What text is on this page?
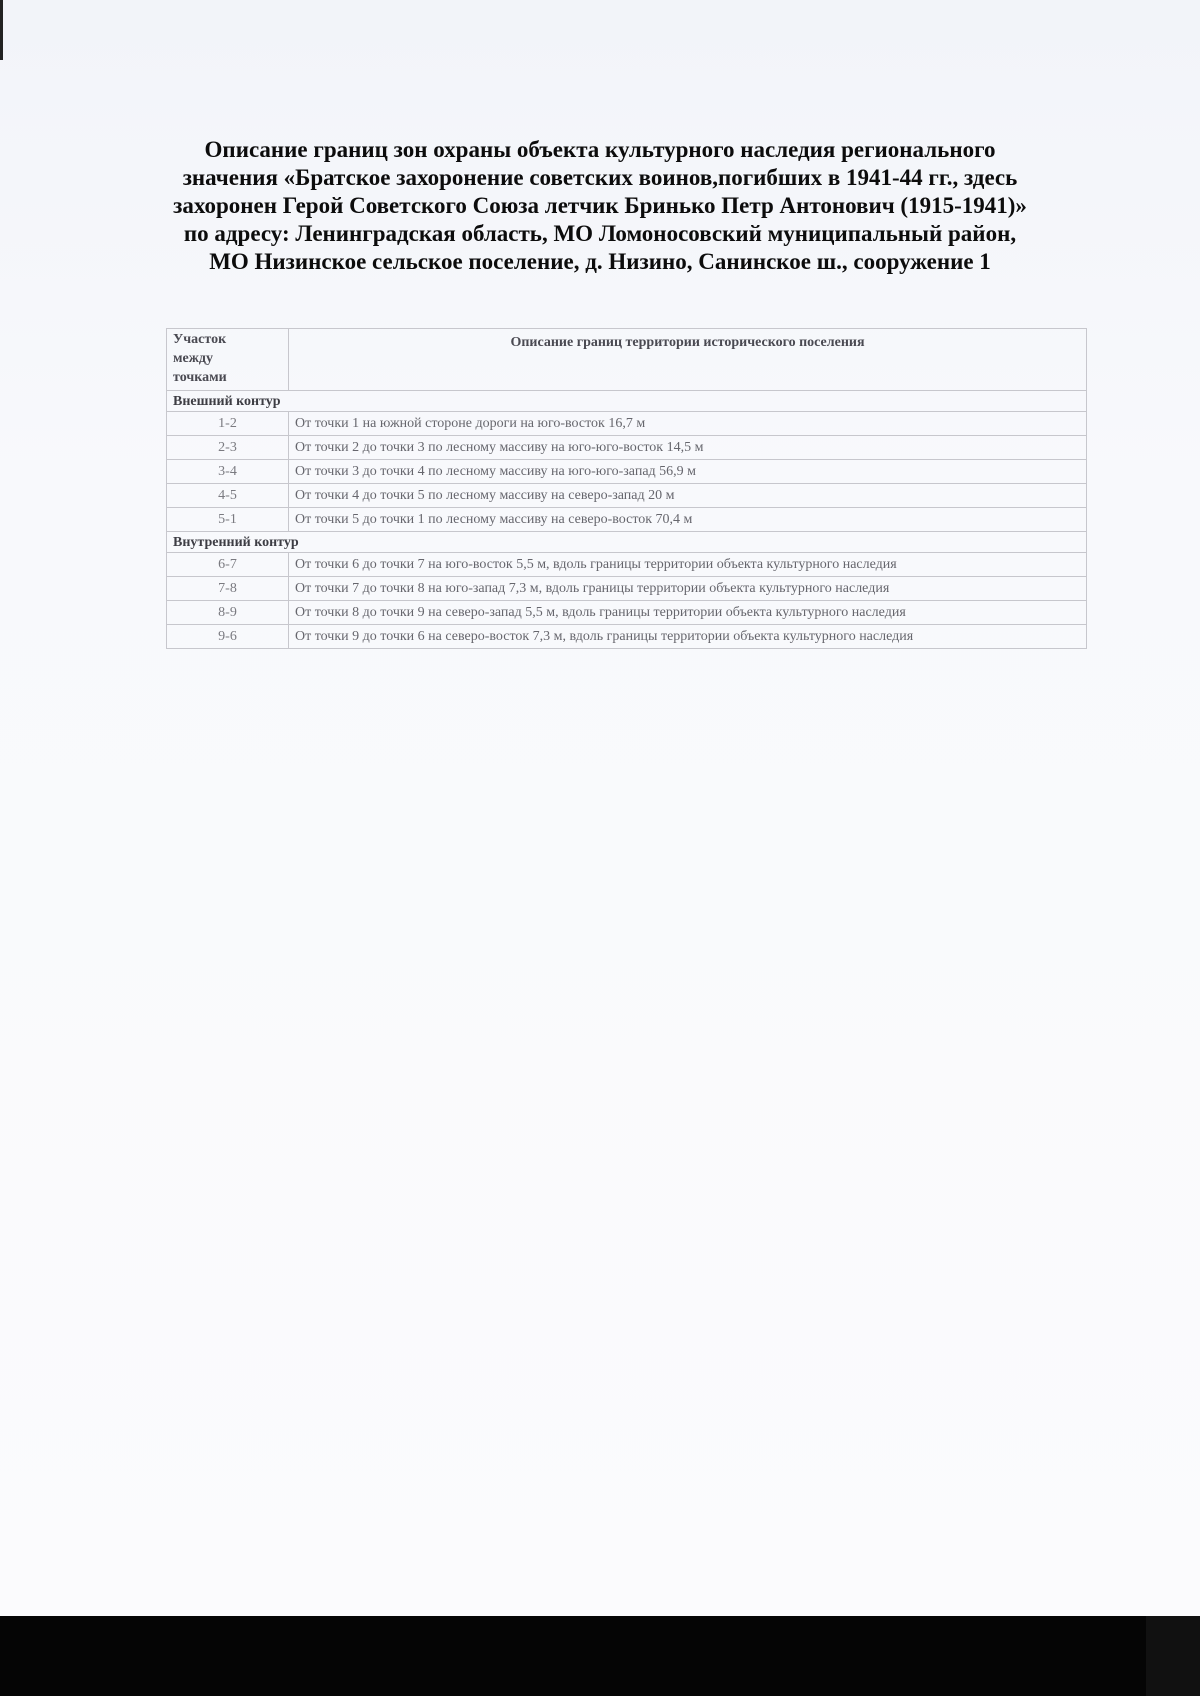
Описание границ зон охраны объекта культурного наследия регионального
значения «Братское захоронение советских воинов,погибших в 1941-44 гг., здесь
захоронен Герой Советского Союза летчик Бринько Петр Антонович (1915-1941)»
по адресу: Ленинградская область, МО Ломоносовский муниципальный район,
МО Низинское сельское поселение, д. Низино, Санинское ш., сооружение 1
Участок
между
точками	Описание границ территории исторического поселения
Внешний контур	
1-2	От точки 1 на южной стороне дороги на юго-восток 16,7 м
2-3	От точки 2 до точки 3 по лесному массиву на юго-юго-восток 14,5 м
3-4	От точки 3 до точки 4 по лесному массиву на юго-юго-запад 56,9 м
4-5	От точки 4 до точки 5 по лесному массиву на северо-запад 20 м
5-1	От точки 5 до точки 1 по лесному массиву на северо-восток 70,4 м
Внутренний контур	
6-7	От точки 6 до точки 7 на юго-восток 5,5 м, вдоль границы территории объекта культурного наследия
7-8	От точки 7 до точки 8 на юго-запад 7,3 м, вдоль границы территории объекта культурного наследия
8-9	От точки 8 до точки 9 на северо-запад 5,5 м, вдоль границы территории объекта культурного наследия
9-6	От точки 9 до точки 6 на северо-восток 7,3 м, вдоль границы территории объекта культурного наследия
